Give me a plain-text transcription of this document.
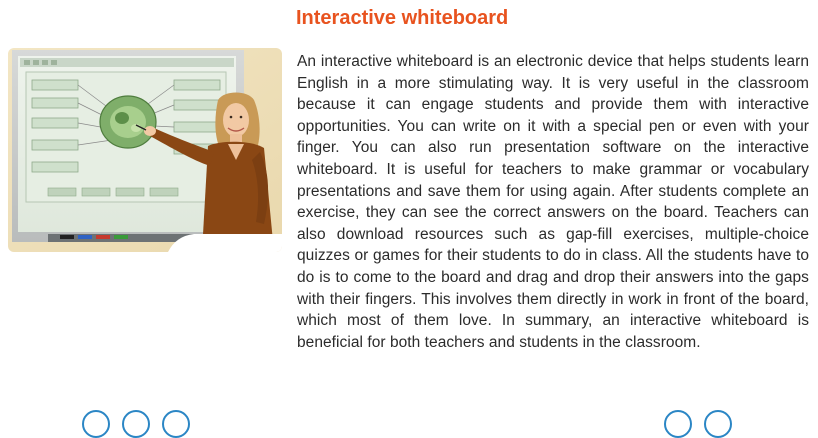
Interactive whiteboard

An interactive whiteboard is an electronic device that helps students learn English in a more stimulating way. It is very useful in the classroom because it can engage students and provide them with interactive opportunities. You can write on it with a special pen or even with your finger. You can also run presentation software on the interactive whiteboard. It is useful for teachers to make grammar or vocabulary presentations and save them for using again. After students complete an exercise, they can see the correct answers on the board. Teachers can also download resources such as gap-fill exercises, multiple-choice quizzes or games for their students to do in class. All the students have to do is to come to the board and drag and drop their answers into the gaps with their fingers. This involves them directly in work in front of the board, which most of them love. In summary, an interactive whiteboard is beneficial for both teachers and students in the classroom.
